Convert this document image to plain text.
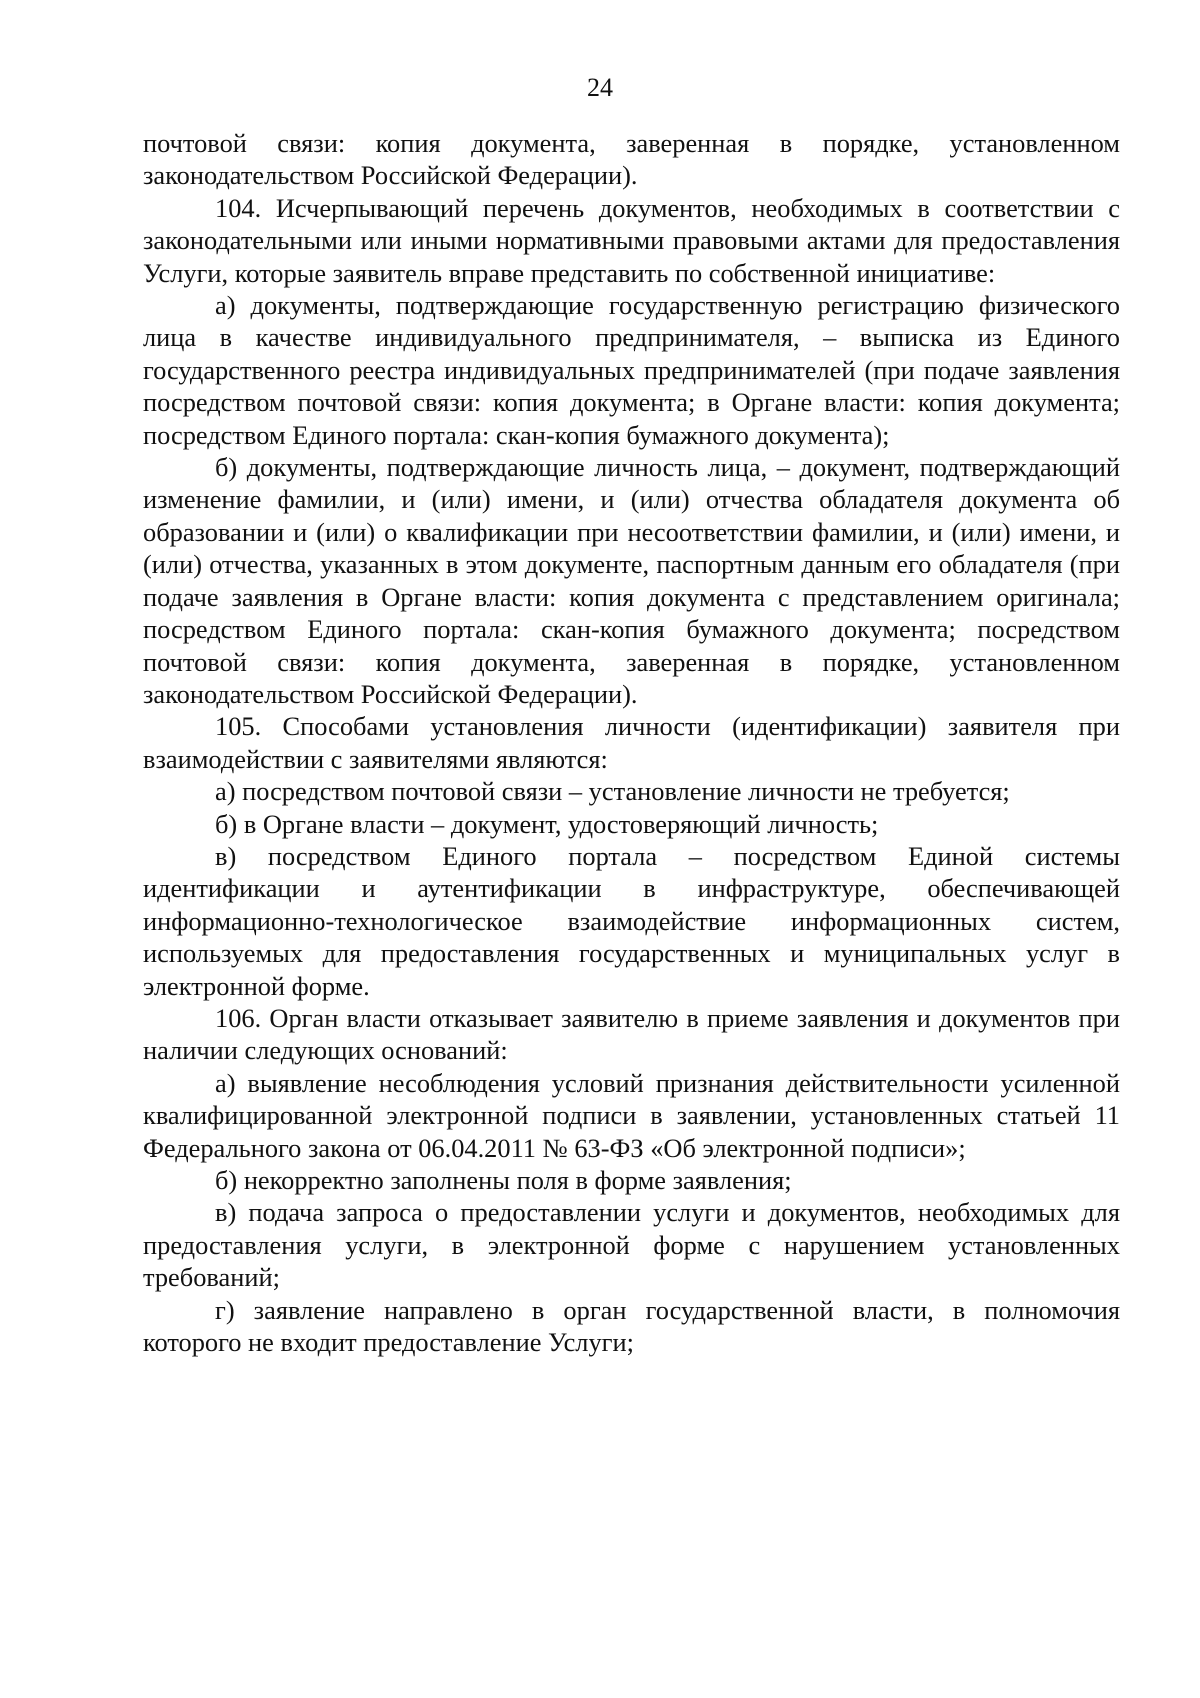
24

почтовой связи: копия документа, заверенная в порядке, установленном законодательством Российской Федерации).

104. Исчерпывающий перечень документов, необходимых в соответствии с законодательными или иными нормативными правовыми актами для предоставления Услуги, которые заявитель вправе представить по собственной инициативе:

а) документы, подтверждающие государственную регистрацию физического лица в качестве индивидуального предпринимателя, – выписка из Единого государственного реестра индивидуальных предпринимателей (при подаче заявления посредством почтовой связи: копия документа; в Органе власти: копия документа; посредством Единого портала: скан-копия бумажного документа);

б) документы, подтверждающие личность лица, – документ, подтверждающий изменение фамилии, и (или) имени, и (или) отчества обладателя документа об образовании и (или) о квалификации при несоответствии фамилии, и (или) имени, и (или) отчества, указанных в этом документе, паспортным данным его обладателя (при подаче заявления в Органе власти: копия документа с представлением оригинала; посредством Единого портала: скан-копия бумажного документа; посредством почтовой связи: копия документа, заверенная в порядке, установленном законодательством Российской Федерации).

105. Способами установления личности (идентификации) заявителя при взаимодействии с заявителями являются:

а) посредством почтовой связи – установление личности не требуется;

б) в Органе власти – документ, удостоверяющий личность;

в) посредством Единого портала – посредством Единой системы идентификации и аутентификации в инфраструктуре, обеспечивающей информационно-технологическое взаимодействие информационных систем, используемых для предоставления государственных и муниципальных услуг в электронной форме.

106. Орган власти отказывает заявителю в приеме заявления и документов при наличии следующих оснований:

а) выявление несоблюдения условий признания действительности усиленной квалифицированной электронной подписи в заявлении, установленных статьей 11 Федерального закона от 06.04.2011 № 63-ФЗ «Об электронной подписи»;

б) некорректно заполнены поля в форме заявления;

в) подача запроса о предоставлении услуги и документов, необходимых для предоставления услуги, в электронной форме с нарушением установленных требований;

г) заявление направлено в орган государственной власти, в полномочия которого не входит предоставление Услуги;
